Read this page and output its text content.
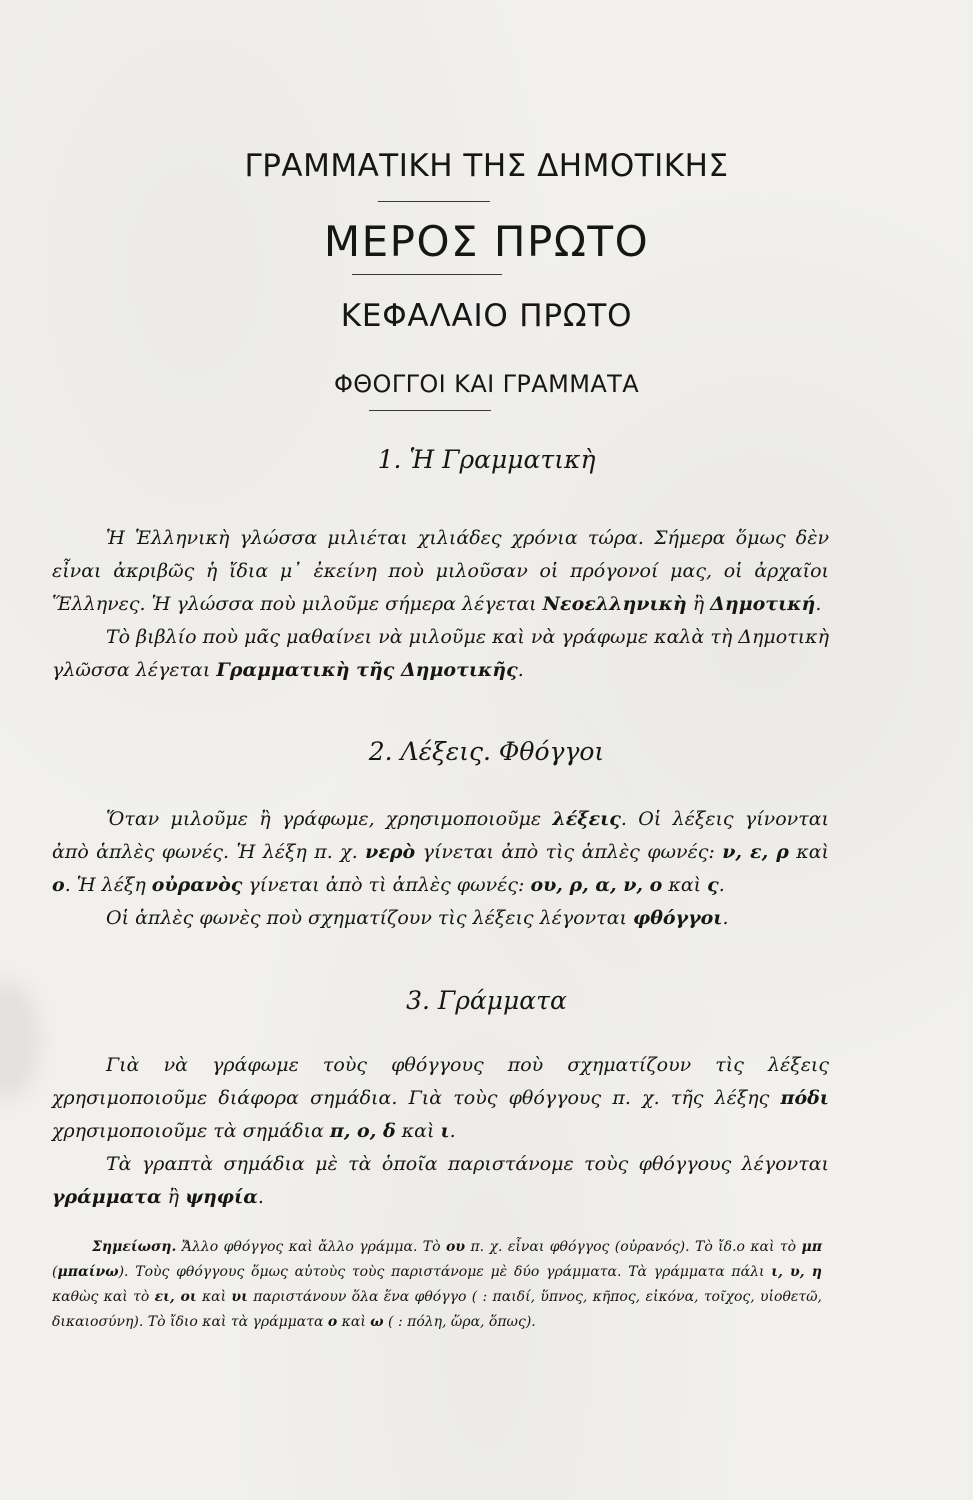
ΓΡΑΜΜΑΤΙΚΗ ΤΗΣ ΔΗΜΟΤΙΚΗΣ
ΜΕΡΟΣ ΠΡΩΤΟ
ΚΕΦΑΛΑΙΟ ΠΡΩΤΟ
ΦΘΟΓΓΟΙ ΚΑΙ ΓΡΑΜΜΑΤΑ
1. Ἡ Γραμματικὴ

Ἡ Ἑλληνικὴ γλώσσα μιλιέται χιλιάδες χρόνια τώρα. Σήμερα ὅμως δὲν εἶναι ἀκριβῶς ἡ ἴδια μ᾽ ἐκείνη ποὺ μιλοῦσαν οἱ πρόγονοί μας, οἱ ἀρχαῖοι Ἕλληνες. Ἡ γλώσσα ποὺ μιλοῦμε σήμερα λέγεται Νεοελληνικὴ ἢ Δημοτική.

Τὸ βιβλίο ποὺ μᾶς μαθαίνει νὰ μιλοῦμε καὶ νὰ γράφωμε καλὰ τὴ Δημοτικὴ γλῶσσα λέγεται Γραμματικὴ τῆς Δημοτικῆς.

2. Λέξεις. Φθόγγοι

Ὅταν μιλοῦμε ἢ γράφωμε, χρησιμοποιοῦμε λέξεις. Οἱ λέξεις γίνονται ἀπὸ ἁπλὲς φωνές. Ἡ λέξη π. χ. νερὸ γίνεται ἀπὸ τὶς ἁπλὲς φωνές: ν, ε, ρ καὶ ο. Ἡ λέξη οὐρανὸς γίνεται ἀπὸ τὶ ἁπλὲς φωνές: ου, ρ, α, ν, ο καὶ ς.

Οἱ ἁπλὲς φωνὲς ποὺ σχηματίζουν τὶς λέξεις λέγονται φθόγγοι.

3. Γράμματα

Γιὰ νὰ γράφωμε τοὺς φθόγγους ποὺ σχηματίζουν τὶς λέξεις χρησιμοποιοῦμε διάφορα σημάδια. Γιὰ τοὺς φθόγγους π. χ. τῆς λέξης πόδι χρησιμοποιοῦμε τὰ σημάδια π, ο, δ καὶ ι.

Τὰ γραπτὰ σημάδια μὲ τὰ ὁποῖα παριστάνομε τοὺς φθόγγους λέγονται γράμματα ἢ ψηφία.

Σημείωση. Ἄλλο φθόγγος καὶ ἄλλο γράμμα. Τὸ ου π. χ. εἶναι φθόγγος (οὐρανός). Τὸ ἴδ.ο καὶ τὸ μπ (μπαίνω). Τοὺς φθόγγους ὅμως αὐτοὺς τοὺς παριστάνομε μὲ δύο γράμματα. Τὰ γράμματα πάλι ι, υ, η καθὼς καὶ τὸ ει, οι καὶ υι παριστάνουν ὅλα ἕνα φθόγγο ( : παιδί, ὕπνος, κῆπος, εἰκόνα, τοῖχος, υἱοθετῶ, δικαιοσύνη). Τὸ ἴδιο καὶ τὰ γράμματα ο καὶ ω ( : πόλη, ὥρα, ὅπως).
